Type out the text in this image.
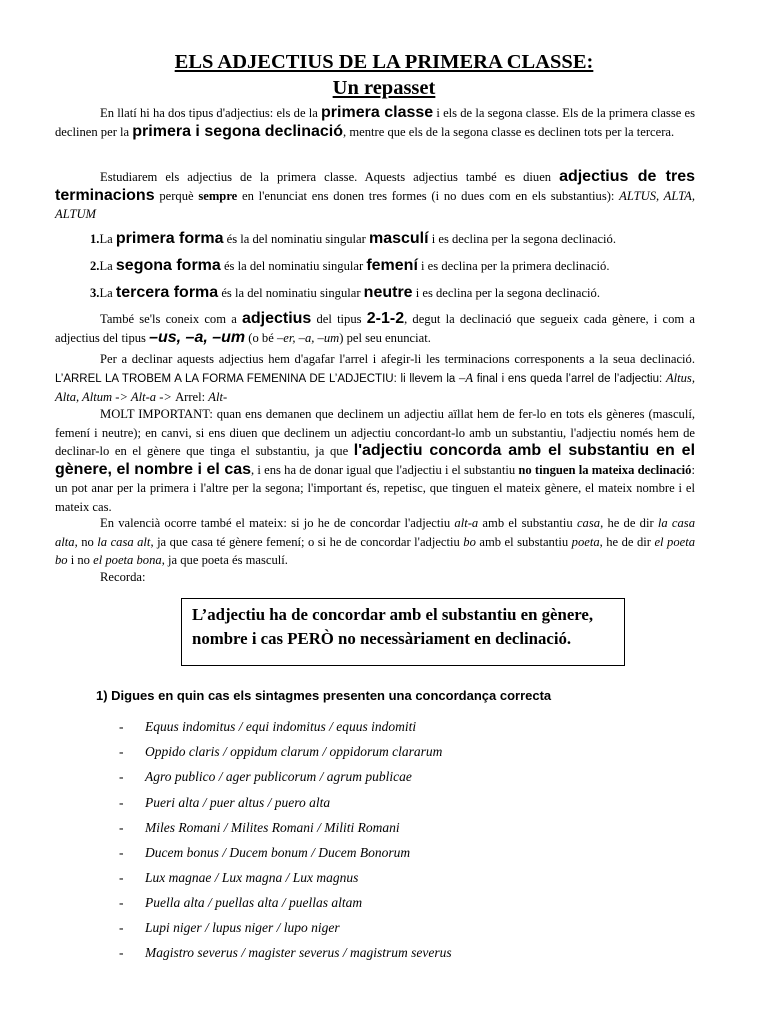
ELS ADJECTIUS DE LA PRIMERA CLASSE:
Un repasset

En llatí hi ha dos tipus d'adjectius: els de la primera classe i els de la segona classe. Els de la primera classe es declinen per la primera i segona declinació, mentre que els de la segona classe es declinen tots per la tercera.

Estudiarem els adjectius de la primera classe. Aquests adjectius també es diuen adjectius de tres terminacions perquè sempre en l'enunciat ens donen tres formes (i no dues com en els substantius): ALTUS, ALTA, ALTUM

1.La primera forma és la del nominatiu singular masculí i es declina per la segona declinació.
2.La segona forma és la del nominatiu singular femení i es declina per la primera declinació.
3.La tercera forma és la del nominatiu singular neutre i es declina per la segona declinació.

També se'ls coneix com a adjectius del tipus 2-1-2, degut la declinació que segueix cada gènere, i com a adjectius del tipus –us, –a, –um (o bé –er, –a, –um) pel seu enunciat.

Per a declinar aquests adjectius hem d'agafar l'arrel i afegir-li les terminacions corresponents a la seua declinació. L’ARREL LA TROBEM A LA FORMA FEMENINA DE L’ADJECTIU: li llevem la –A final i ens queda l’arrel de l’adjectiu: Altus, Alta, Altum -> Alt-a -> Arrel: Alt-

MOLT IMPORTANT: quan ens demanen que declinem un adjectiu aïllat hem de fer-lo en tots els gèneres (masculí, femení i neutre); en canvi, si ens diuen que declinem un adjectiu concordant-lo amb un substantiu, l'adjectiu només hem de declinar-lo en el gènere que tinga el substantiu, ja que l'adjectiu concorda amb el substantiu en el gènere, el nombre i el cas, i ens ha de donar igual que l'adjectiu i el substantiu no tinguen la mateixa declinació: un pot anar per la primera i l'altre per la segona; l'important és, repetisc, que tinguen el mateix gènere, el mateix nombre i el mateix cas.

En valencià ocorre també el mateix: si jo he de concordar l'adjectiu alt-a amb el substantiu casa, he de dir la casa alta, no la casa alt, ja que casa té gènere femení; o si he de concordar l'adjectiu bo amb el substantiu poeta, he de dir el poeta bo i no el poeta bona, ja que poeta és masculí.

Recorda:

L’adjectiu ha de concordar amb el substantiu en gènere,
nombre i cas PERÒ no necessàriament en declinació.
1) Digues en quin cas els sintagmes presenten una concordança correcta
- Equus indomitus / equi indomitus / equus indomiti
- Oppido claris / oppidum clarum / oppidorum clararum
- Agro publico / ager publicorum / agrum publicae
- Pueri alta / puer altus / puero alta
- Miles Romani / Milites Romani / Militi Romani
- Ducem bonus / Ducem bonum / Ducem Bonorum
- Lux magnae / Lux magna / Lux magnus
- Puella alta / puellas alta / puellas altam
- Lupi niger / lupus niger / lupo niger
- Magistro severus / magister severus / magistrum severus
